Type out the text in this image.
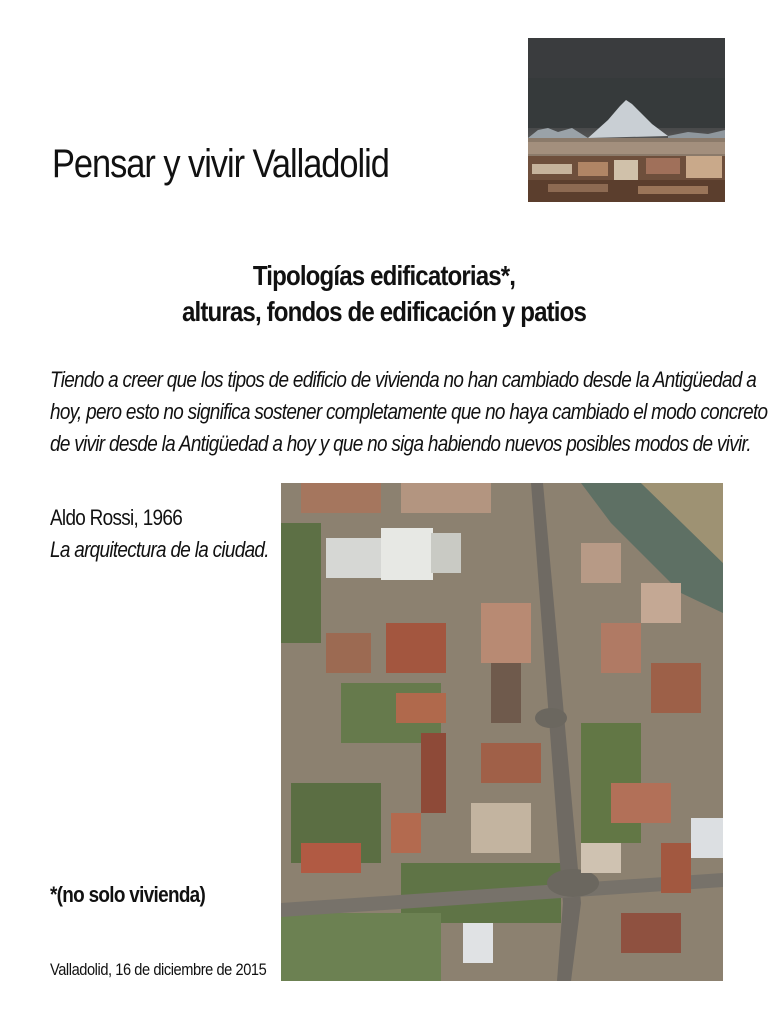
Pensar y vivir Valladolid
Tipologías edificatorias*,
alturas, fondos de edificación y patios

Tiendo a creer que los tipos de edificio de vivienda no han cambiado desde la Antigüedad a
hoy, pero esto no significa sostener completamente que no haya cambiado el modo concreto
de vivir desde la Antigüedad a hoy y que no siga habiendo nuevos posibles modos de vivir.

Aldo Rossi, 1966
La arquitectura de la ciudad.
*(no solo vivienda)
Valladolid, 16 de diciembre de 2015
